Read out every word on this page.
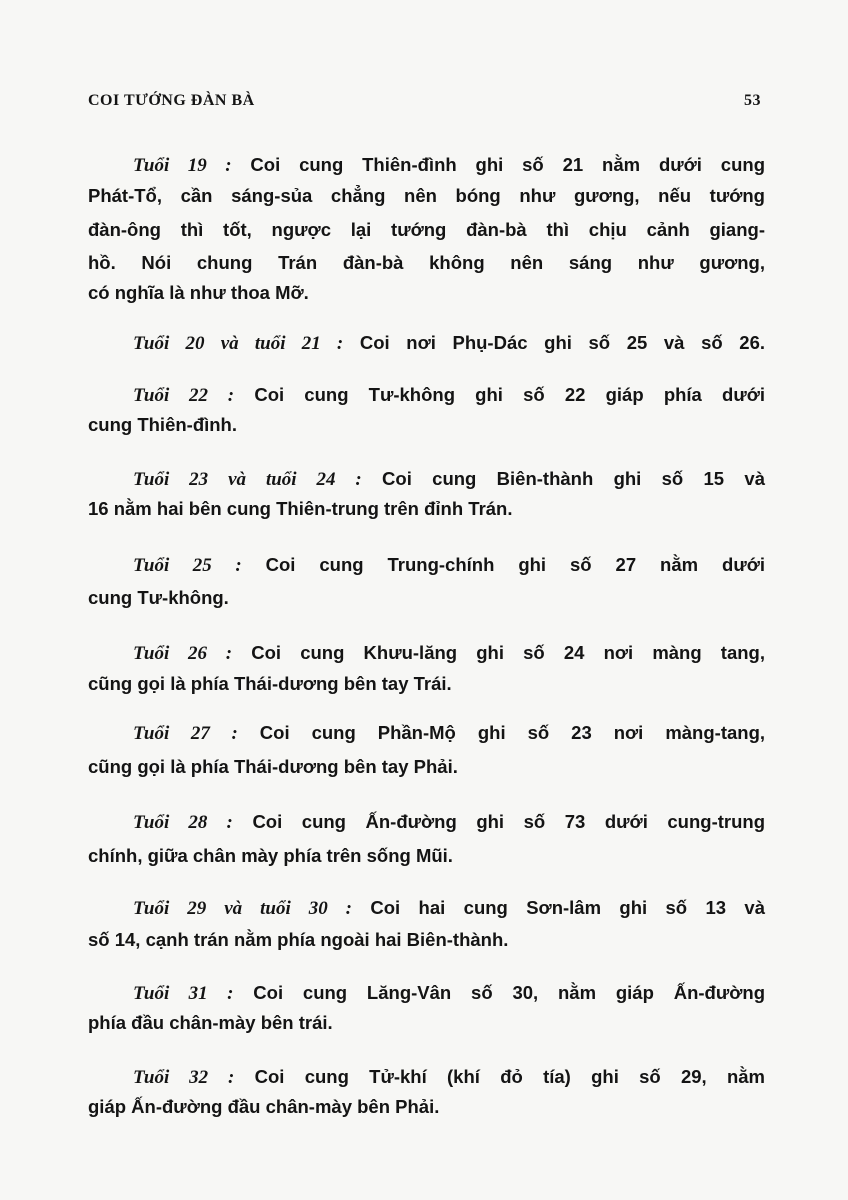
COI TƯỚNG ĐÀN BÀ	53
Tuổi 19 : Coi cung Thiên-đình ghi số 21 nằm dưới cung
Phát-Tổ, cần sáng-sủa chẳng nên bóng như gương, nếu tướng
đàn-ông thì tốt, ngược lại tướng đàn-bà thì chịu cảnh giang-
hồ. Nói chung Trán đàn-bà không nên sáng như gương,
có nghĩa là như thoa Mỡ.
Tuổi 20 và tuổi 21 : Coi nơi Phụ-Dác ghi số 25 và số 26.
Tuổi 22 : Coi cung Tư-không ghi số 22 giáp phía dưới
cung Thiên-đình.
Tuổi 23 và tuổi 24 : Coi cung Biên-thành ghi số 15 và
16 nằm hai bên cung Thiên-trung trên đỉnh Trán.
Tuổi 25 : Coi cung Trung-chính ghi số 27 nằm dưới
cung Tư-không.
Tuổi 26 : Coi cung Khưu-lăng ghi số 24 nơi màng tang,
cũng gọi là phía Thái-dương bên tay Trái.
Tuổi 27 : Coi cung Phần-Mộ ghi số 23 nơi màng-tang,
cũng gọi là phía Thái-dương bên tay Phải.
Tuổi 28 : Coi cung Ấn-đường ghi số 73 dưới cung-trung
chính, giữa chân mày phía trên sống Mũi.
Tuổi 29 và tuổi 30 : Coi hai cung Sơn-lâm ghi số 13 và
số 14, cạnh trán nằm phía ngoài hai Biên-thành.
Tuổi 31 : Coi cung Lăng-Vân số 30, nằm giáp Ấn-đường
phía đầu chân-mày bên trái.
Tuổi 32 : Coi cung Tử-khí (khí đỏ tía) ghi số 29, nằm
giáp Ấn-đường đầu chân-mày bên Phải.
